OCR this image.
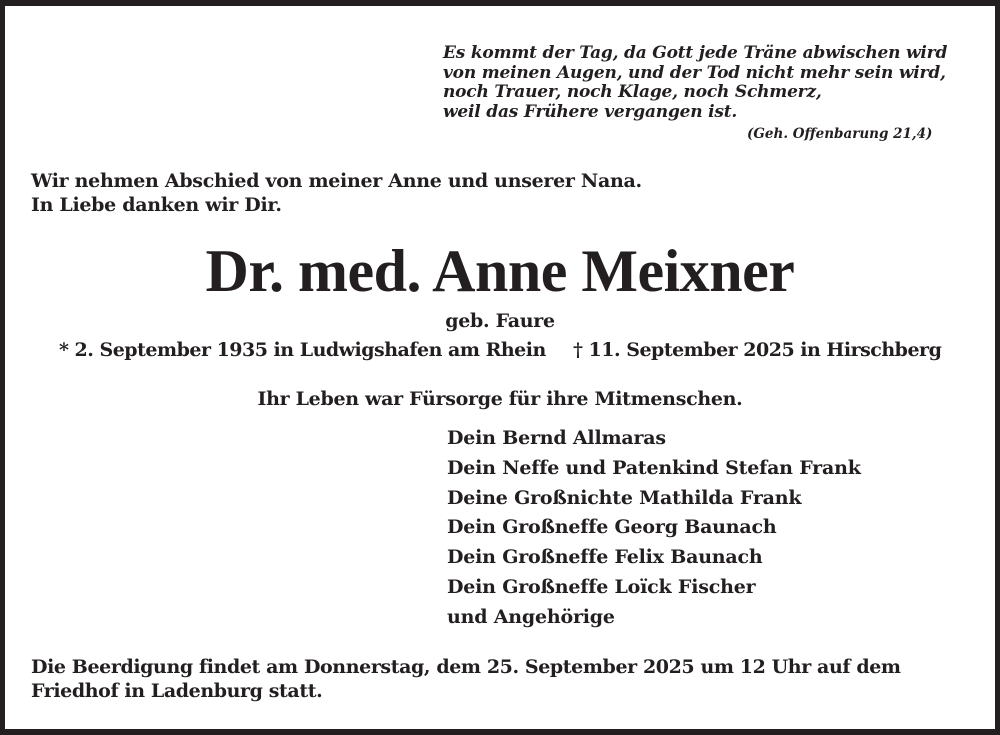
Es kommt der Tag, da Gott jede Träne abwischen wird
von meinen Augen, und der Tod nicht mehr sein wird,
noch Trauer, noch Klage, noch Schmerz,
weil das Frühere vergangen ist.
(Geh. Offenbarung 21,4)
Wir nehmen Abschied von meiner Anne und unserer Nana.
In Liebe danken wir Dir.
Dr. med. Anne Meixner
geb. Faure
* 2. September 1935 in Ludwigshafen am Rhein † 11. September 2025 in Hirschberg
Ihr Leben war Fürsorge für ihre Mitmenschen.
Dein Bernd Allmaras
Dein Neffe und Patenkind Stefan Frank
Deine Großnichte Mathilda Frank
Dein Großneffe Georg Baunach
Dein Großneffe Felix Baunach
Dein Großneffe Loïck Fischer
und Angehörige
Die Beerdigung findet am Donnerstag, dem 25. September 2025 um 12 Uhr auf dem
Friedhof in Ladenburg statt.
